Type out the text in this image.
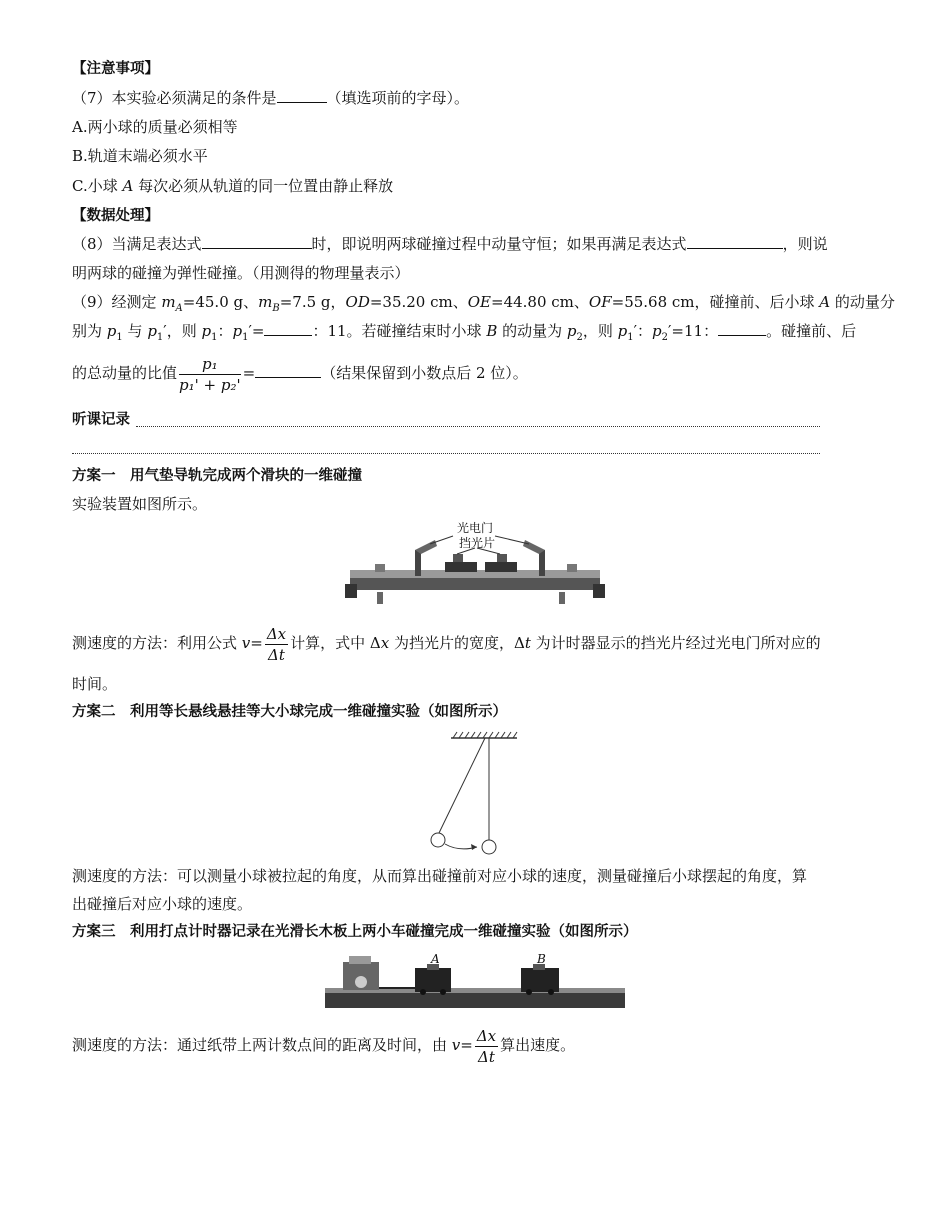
【注意事项】
（7）本实验必须满足的条件是	（填选项前的字母）。
A.两小球的质量必须相等
B.轨道末端必须水平
C.小球 A 每次必须从轨道的同一位置由静止释放
【数据处理】
（8）当满足表达式	时，即说明两球碰撞过程中动量守恒；如果再满足表达式	，则说
明两球的碰撞为弹性碰撞。（用测得的物理量表示）
（9）经测定 $m_A=45.0$ g、$m_B=7.5$ g，OD=35.20 cm、OE=44.80 cm、OF=55.68 cm，碰撞前、后小球 A 的动量分
别为 $p_1$ 与 $p_1'$，则 $p_1$：$p_1'=$	：11。若碰撞结束时小球 B 的动量为 $p_2$，则 $p_1'$：$p_2'=11$：	。碰撞前、后
的总动量的比值 $\frac{\text{p₁}}{\text{p₁' + p₂'}}$ =	（结果保留到小数点后 2 位）。
听课记录
方案一　用气垫导轨完成两个滑块的一维碰撞
实验装置如图所示。
光电门
挡光片
测速度的方法：利用公式 $v= \frac{\Delta x}{\Delta t}$ 计算，式中 Δx 为挡光片的宽度，Δt 为计时器显示的挡光片经过光电门所对应的
时间。
方案二　利用等长悬线悬挂等大小球完成一维碰撞实验（如图所示）
测速度的方法：可以测量小球被拉起的角度，从而算出碰撞前对应小球的速度，测量碰撞后小球摆起的角度，算
出碰撞后对应小球的速度。
方案三　利用打点计时器记录在光滑长木板上两小车碰撞完成一维碰撞实验（如图所示）
A	B
测速度的方法：通过纸带上两计数点间的距离及时间，由 $v= \frac{\Delta x}{\Delta t}$ 算出速度。
